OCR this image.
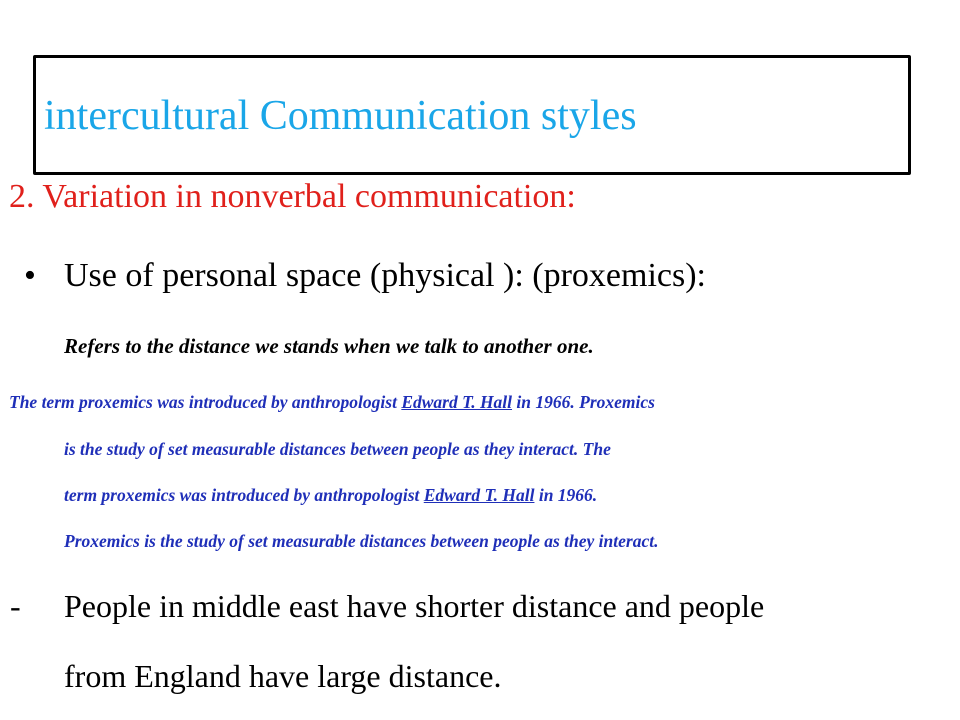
intercultural Communication styles
2. Variation in nonverbal communication:
• Use of personal space (physical ): (proxemics):
Refers to the distance we stands when we talk to another one.
The term proxemics was introduced by anthropologist Edward T. Hall in 1966. Proxemics
is the study of set measurable distances between people as they interact. The
term proxemics was introduced by anthropologist Edward T. Hall in 1966.
Proxemics is the study of set measurable distances between people as they interact.
- People in middle east have shorter distance and people
from England have large distance.
